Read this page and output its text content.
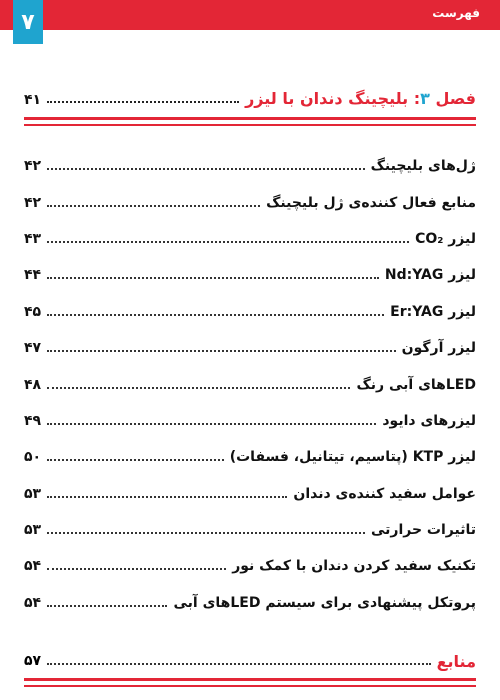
فهرست
۷
فصل ۳: بلیچینگ دندان با لیزر
۴۱
ژل‌های بلیچینگ
۴۲
منابع فعال کننده‌ی ژل بلیچینگ
۴۲
لیزر CO₂
۴۳
لیزر Nd:YAG
۴۴
لیزر Er:YAG
۴۵
لیزر آرگون
۴۷
LEDهای آبی رنگ
۴۸
لیزرهای دایود
۴۹
لیزر KTP (پتاسیم، تیتانیل، فسفات)
۵۰
عوامل سفید کننده‌ی دندان
۵۳
تاثیرات حرارتی
۵۳
تکنیک سفید کردن دندان با کمک نور
۵۴
پروتکل پیشنهادی برای سیستم LEDهای آبی
۵۴
منابع
۵۷
